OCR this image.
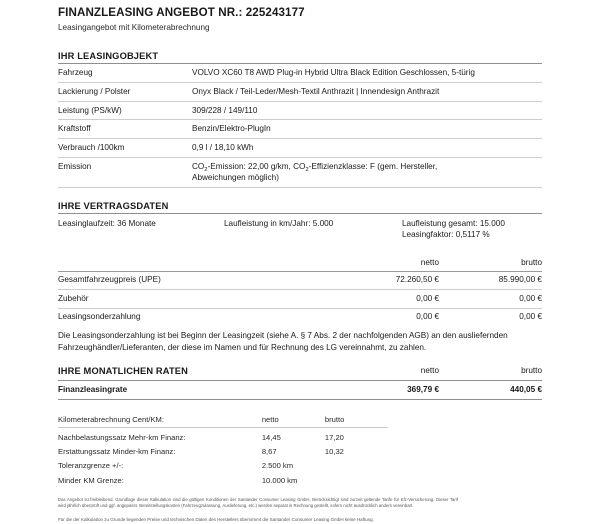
FINANZLEASING ANGEBOT NR.: 225243177
Leasingangebot mit Kilometerabrechnung
IHR LEASINGOBJEKT
Fahrzeug	VOLVO XC60 T8 AWD Plug-in Hybrid Ultra Black Edition Geschlossen, 5-türig
Lackierung / Polster	Onyx Black / Teil-Leder/Mesh-Textil Anthrazit | Innendesign Anthrazit
Leistung (PS/kW)	309/228 / 149/110
Kraftstoff	Benzin/Elektro-PlugIn
Verbrauch /100km	0,9 l / 18,10 kWh
Emission	$CO_2$-Emission: 22,00 g/km, $CO_2$-Effizienzklasse: F (gem. Hersteller,
Abweichungen möglich)
IHRE VERTRAGSDATEN
Leasinglaufzeit: 36 Monate	Laufleistung in km/Jahr: 5.000	Laufleistung gesamt: 15.000
Leasingfaktor: 0,5117 %
	netto	brutto
Gesamtfahrzeugpreis (UPE)	72.260,50 €	85.990,00 €
Zubehör	0,00 €	0,00 €
Leasingsonderzahlung	0,00 €	0,00 €
Die Leasingsonderzahlung ist bei Beginn der Leasingzeit (siehe A. § 7 Abs. 2 der nachfolgenden AGB) an den ausliefernden Fahrzeughändler/Lieferanten, der diese im Namen und für Rechnung des LG vereinnahmt, zu zahlen.
IHRE MONATLICHEN RATEN	netto	brutto
Finanzleasingrate	369,79 €	440,05 €
Kilometerabrechnung Cent/KM:	netto	brutto
Nachbelastungssatz Mehr-km Finanz:	14,45	17,20
Erstattungssatz Minder-km Finanz:	8,67	10,32
Toleranzgrenze +/-:	2.500 km	
Minder KM Grenze:	10.000 km	
Das Angebot ist freibleibend. Grundlage dieser Kalkulation sind die gültigen Konditionen der Santander Consumer Leasing GmbH. Berücksichtigt sind zurzeit geltende Tarife für Kfz-Versicherung. Dieser Tarif wird jährlich überprüft und ggf. angepasst. Bereitstellungskosten (Fahrzeugzulassung, Auslieferung, etc.) werden separat in Rechnung gestellt, sofern nicht ausdrücklich anders vereinbart.
Für die der Kalkulation zu Grunde liegenden Preise und technischen Daten des Herstellers übernimmt die Santander Consumer Leasing GmbH keine Haftung.
